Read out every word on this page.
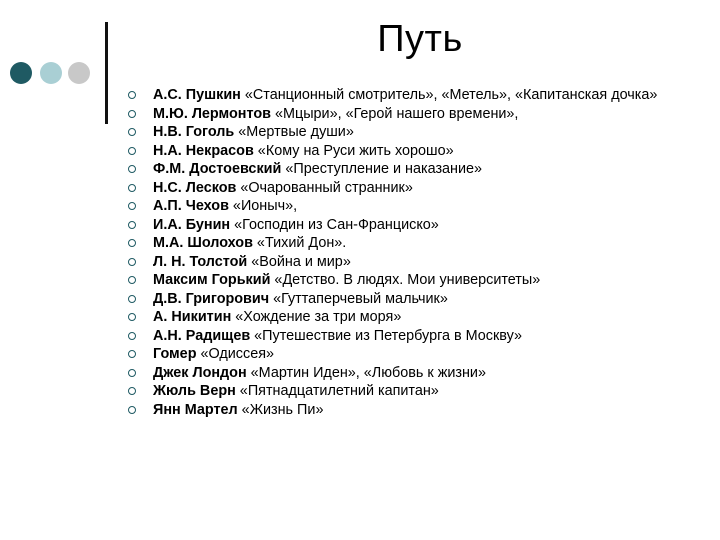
Путь
А.С. Пушкин «Станционный смотритель», «Метель», «Капитанская дочка»
М.Ю. Лермонтов «Мцыри», «Герой нашего времени»,
Н.В. Гоголь «Мертвые души»
Н.А. Некрасов «Кому на Руси жить хорошо»
Ф.М. Достоевский «Преступление и наказание»
Н.С. Лесков «Очарованный странник»
А.П. Чехов «Ионыч»,
И.А. Бунин «Господин из Сан-Франциско»
М.А. Шолохов «Тихий Дон».
Л. Н. Толстой «Война и мир»
Максим Горький «Детство. В людях. Мои университеты»
Д.В. Григорович «Гуттаперчевый мальчик»
А. Никитин «Хождение за три моря»
А.Н. Радищев «Путешествие из Петербурга в Москву»
Гомер «Одиссея»
Джек Лондон «Мартин Иден», «Любовь к жизни»
Жюль Верн «Пятнадцатилетний капитан»
Янн Мартел «Жизнь Пи»
